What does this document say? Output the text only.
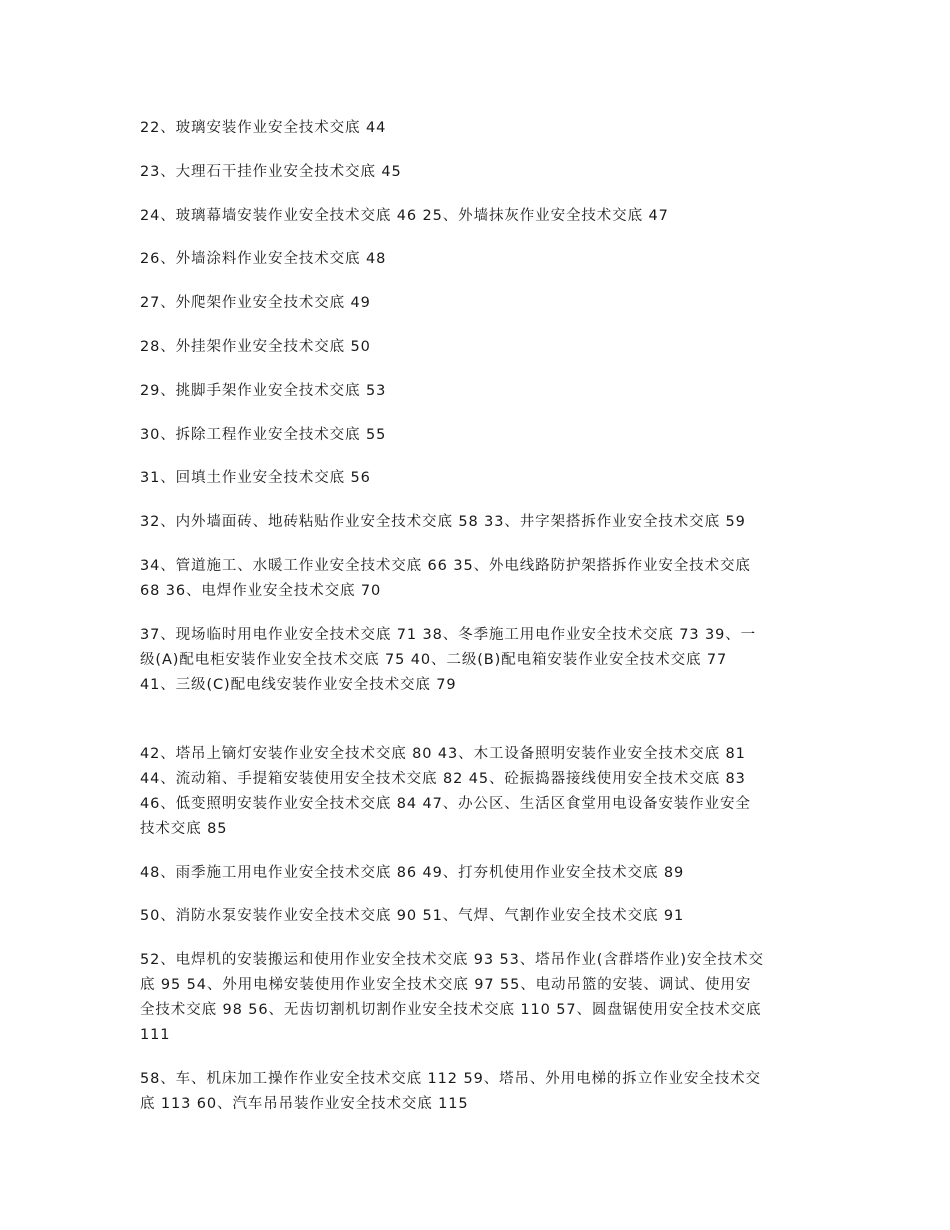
22、玻璃安装作业安全技术交底 44
23、大理石干挂作业安全技术交底 45
24、玻璃幕墙安装作业安全技术交底 46 25、外墙抹灰作业安全技术交底 47
26、外墙涂料作业安全技术交底 48
27、外爬架作业安全技术交底 49
28、外挂架作业安全技术交底 50
29、挑脚手架作业安全技术交底 53
30、拆除工程作业安全技术交底 55
31、回填土作业安全技术交底 56
32、内外墙面砖、地砖粘贴作业安全技术交底 58 33、井字架搭拆作业安全技术交底 59
34、管道施工、水暖工作业安全技术交底 66 35、外电线路防护架搭拆作业安全技术交底
68 36、电焊作业安全技术交底 70
37、现场临时用电作业安全技术交底 71 38、冬季施工用电作业安全技术交底 73 39、一
级(A)配电柜安装作业安全技术交底 75 40、二级(B)配电箱安装作业安全技术交底 77
41、三级(C)配电线安装作业安全技术交底 79
42、塔吊上镝灯安装作业安全技术交底 80 43、木工设备照明安装作业安全技术交底 81
44、流动箱、手提箱安装使用安全技术交底 82 45、砼振捣器接线使用安全技术交底 83
46、低变照明安装作业安全技术交底 84 47、办公区、生活区食堂用电设备安装作业安全
技术交底 85
48、雨季施工用电作业安全技术交底 86 49、打夯机使用作业安全技术交底 89
50、消防水泵安装作业安全技术交底 90 51、气焊、气割作业安全技术交底 91
52、电焊机的安装搬运和使用作业安全技术交底 93 53、塔吊作业(含群塔作业)安全技术交
底 95 54、外用电梯安装使用作业安全技术交底 97 55、电动吊篮的安装、调试、使用安
全技术交底 98 56、无齿切割机切割作业安全技术交底 110 57、圆盘锯使用安全技术交底
111
58、车、机床加工操作作业安全技术交底 112 59、塔吊、外用电梯的拆立作业安全技术交
底 113 60、汽车吊吊装作业安全技术交底 115
